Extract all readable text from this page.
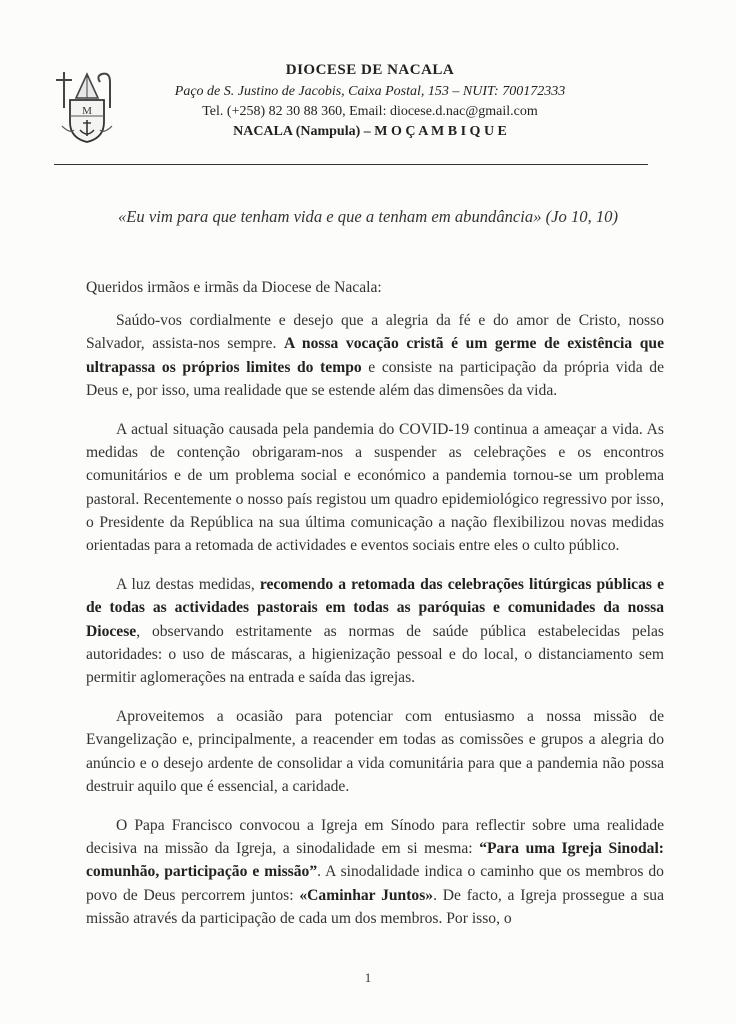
M
DIOCESE DE NACALA
Paço de S. Justino de Jacobis, Caixa Postal, 153 – NUIT: 700172333
Tel. (+258) 82 30 88 360, Email: diocese.d.nac@gmail.com
NACALA (Nampula) – M O Ç A M B I Q U E
«Eu vim para que tenham vida e que a tenham em abundância» (Jo 10, 10)

Queridos irmãos e irmãs da Diocese de Nacala:

Saúdo-vos cordialmente e desejo que a alegria da fé e do amor de Cristo, nosso Salvador, assista-nos sempre. A nossa vocação cristã é um germe de existência que ultrapassa os próprios limites do tempo e consiste na participação da própria vida de Deus e, por isso, uma realidade que se estende além das dimensões da vida.

A actual situação causada pela pandemia do COVID-19 continua a ameaçar a vida. As medidas de contenção obrigaram-nos a suspender as celebrações e os encontros comunitários e de um problema social e económico a pandemia tornou-se um problema pastoral. Recentemente o nosso país registou um quadro epidemiológico regressivo por isso, o Presidente da República na sua última comunicação a nação flexibilizou novas medidas orientadas para a retomada de actividades e eventos sociais entre eles o culto público.

A luz destas medidas, recomendo a retomada das celebrações litúrgicas públicas e de todas as actividades pastorais em todas as paróquias e comunidades da nossa Diocese, observando estritamente as normas de saúde pública estabelecidas pelas autoridades: o uso de máscaras, a higienização pessoal e do local, o distanciamento sem permitir aglomerações na entrada e saída das igrejas.

Aproveitemos a ocasião para potenciar com entusiasmo a nossa missão de Evangelização e, principalmente, a reacender em todas as comissões e grupos a alegria do anúncio e o desejo ardente de consolidar a vida comunitária para que a pandemia não possa destruir aquilo que é essencial, a caridade.

O Papa Francisco convocou a Igreja em Sínodo para reflectir sobre uma realidade decisiva na missão da Igreja, a sinodalidade em si mesma: “Para uma Igreja Sinodal: comunhão, participação e missão”. A sinodalidade indica o caminho que os membros do povo de Deus percorrem juntos: «Caminhar Juntos». De facto, a Igreja prossegue a sua missão através da participação de cada um dos membros. Por isso, o

1
